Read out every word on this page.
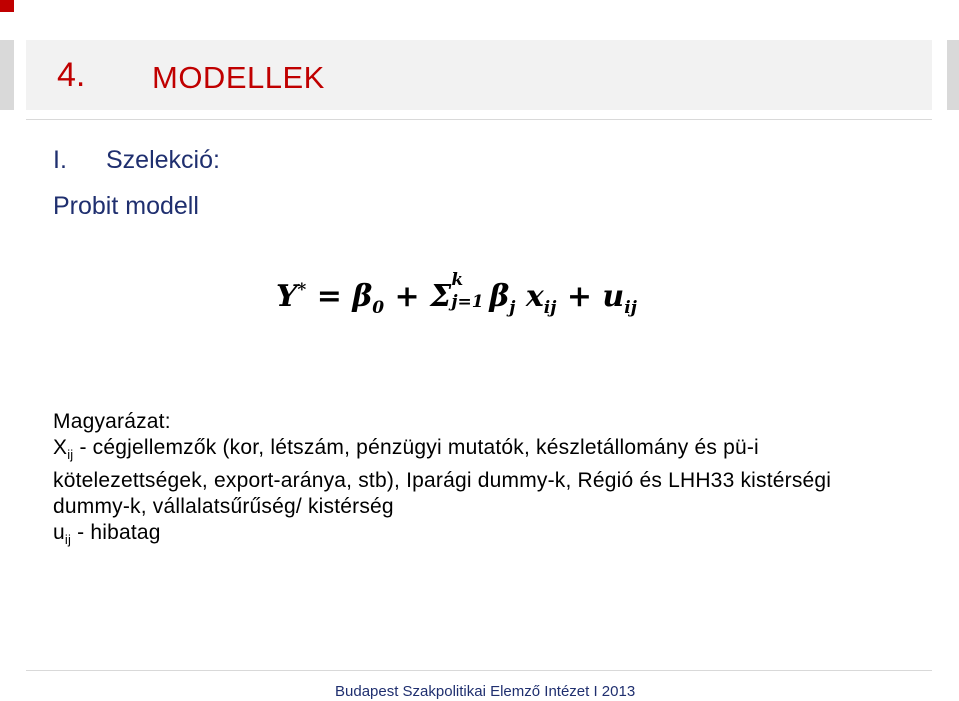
4. MODELLEK
I. Szelekció:
Probit modell
$Y^* = \beta_0 + \Sigma$ k
j=1 $\beta_j$ $x_{ij} + u_{ij}$
Magyarázat:
$X_{ij}$ - cégjellemzők (kor, létszám, pénzügyi mutatók, készletállomány és pü-i
kötelezettségek, export-aránya, stb), Iparági dummy-k, Régió és LHH33 kistérségi
dummy-k, vállalatsűrűség/ kistérség
$u_{ij}$ - hibatag
Budapest Szakpolitikai Elemző Intézet I 2013
